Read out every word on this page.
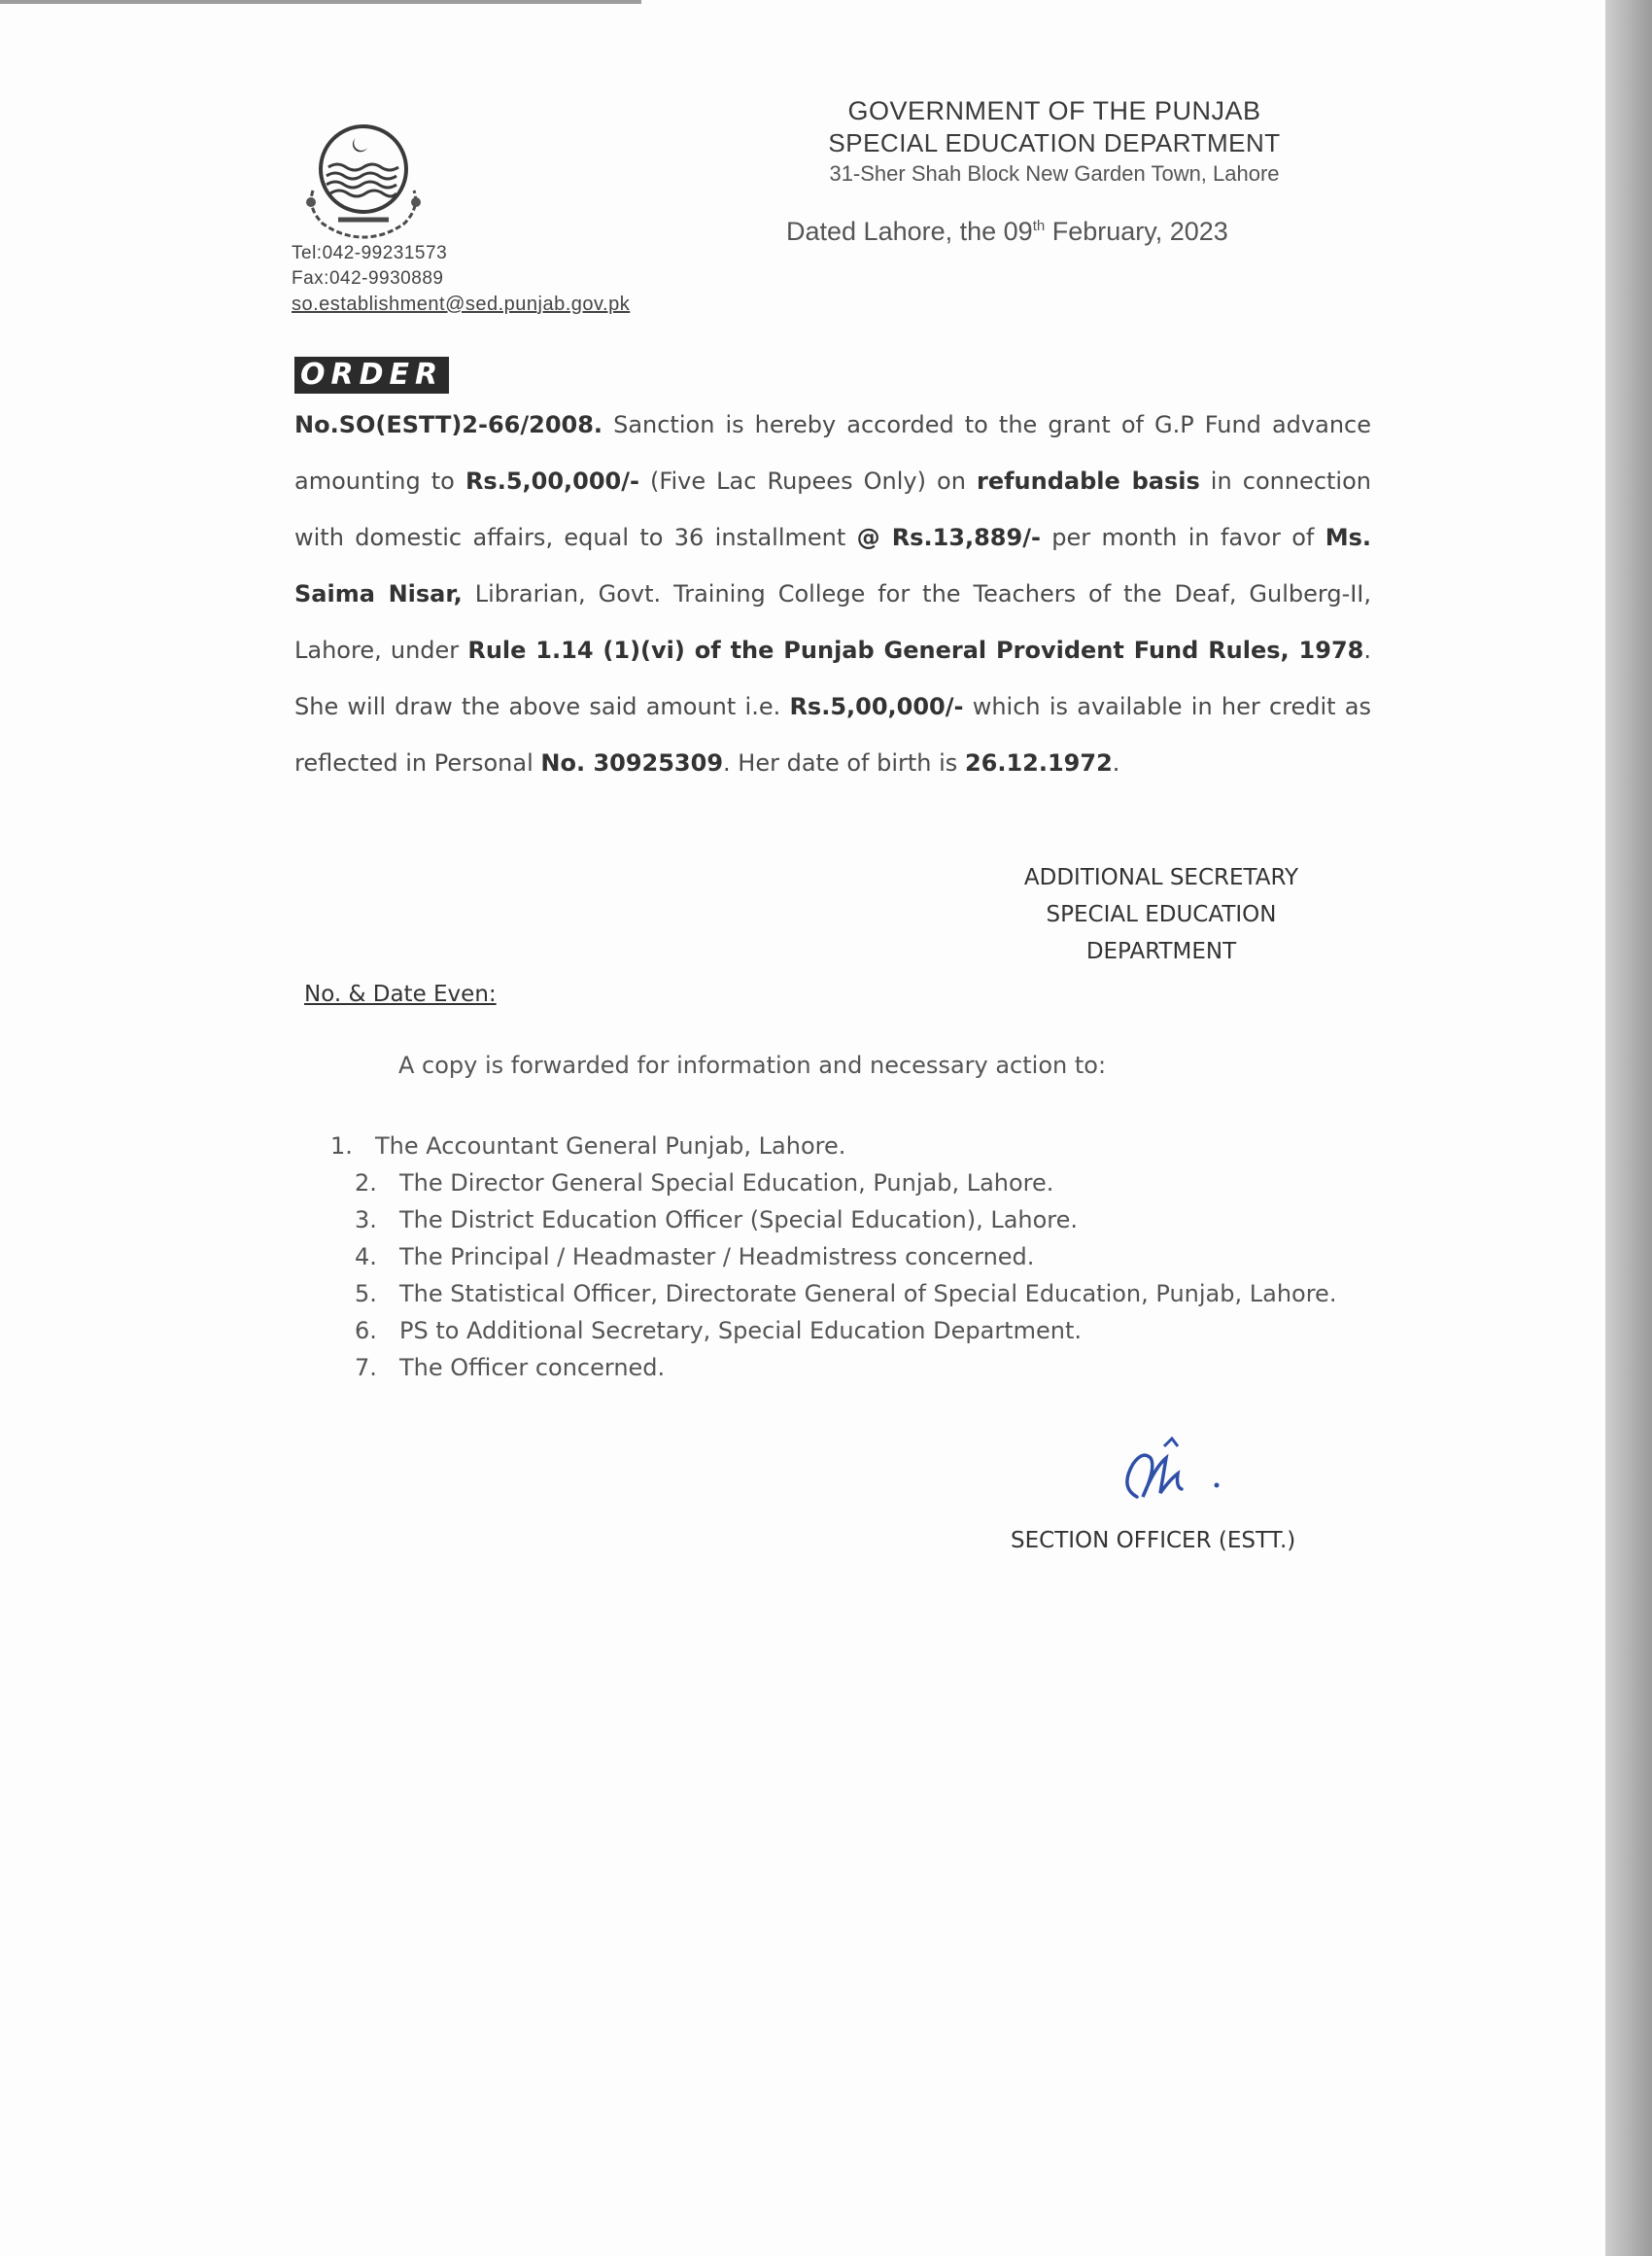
Tel:042-99231573
Fax:042-9930889
so.establishment@sed.punjab.gov.pk
GOVERNMENT OF THE PUNJAB
SPECIAL EDUCATION DEPARTMENT
31-Sher Shah Block New Garden Town, Lahore
Dated Lahore, the 09th February, 2023
ORDER
No.SO(ESTT)2-66/2008. Sanction is hereby accorded to the grant of G.P Fund advance amounting to Rs.5,00,000/- (Five Lac Rupees Only) on refundable basis in connection with domestic affairs, equal to 36 installment @ Rs.13,889/- per month in favor of Ms. Saima Nisar, Librarian, Govt. Training College for the Teachers of the Deaf, Gulberg-II, Lahore, under Rule 1.14 (1)(vi) of the Punjab General Provident Fund Rules, 1978. She will draw the above said amount i.e. Rs.5,00,000/- which is available in her credit as reflected in Personal No. 30925309. Her date of birth is 26.12.1972.
ADDITIONAL SECRETARY
SPECIAL EDUCATION
DEPARTMENT
No. & Date Even:
A copy is forwarded for information and necessary action to:
1. The Accountant General Punjab, Lahore.
2. The Director General Special Education, Punjab, Lahore.
3. The District Education Officer (Special Education), Lahore.
4. The Principal / Headmaster / Headmistress concerned.
5. The Statistical Officer, Directorate General of Special Education, Punjab, Lahore.
6. PS to Additional Secretary, Special Education Department.
7. The Officer concerned.
SECTION OFFICER (ESTT.)
